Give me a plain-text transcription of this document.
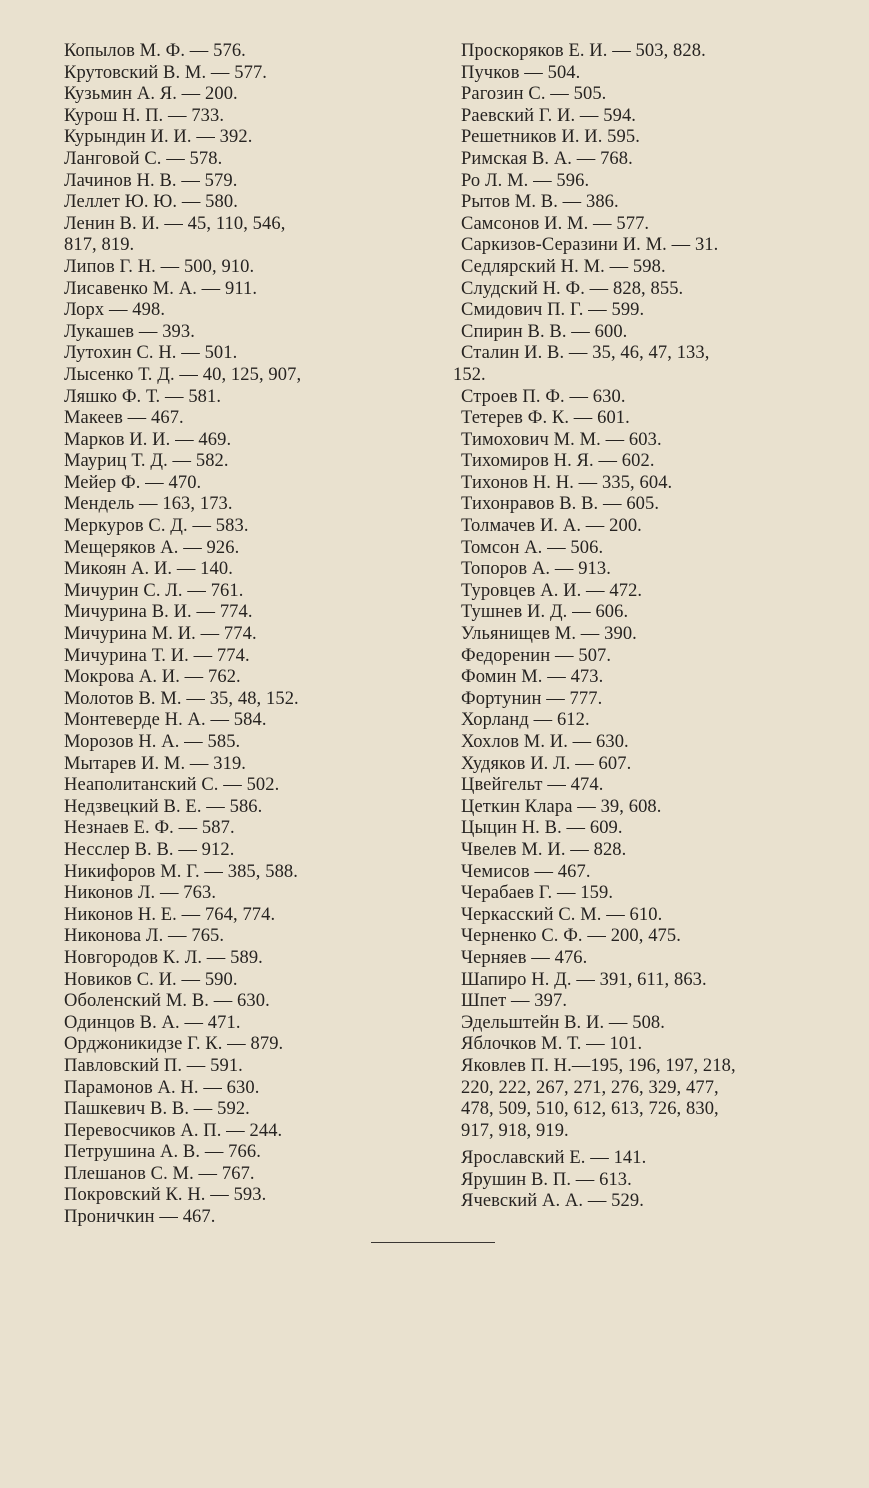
Копылов М. Ф. — 576.
Крутовский В. М. — 577.
Кузьмин А. Я. — 200.
Курош Н. П. — 733.
Курындин И. И. — 392.
Ланговой С. — 578.
Лачинов Н. В. — 579.
Леллет Ю. Ю. — 580.
Ленин В. И. — 45, 110, 546,
817, 819.
Липов Г. Н. — 500, 910.
Лисавенко М. А. — 911.
Лорх — 498.
Лукашев — 393.
Лутохин С. Н. — 501.
Лысенко Т. Д. — 40, 125, 907,
Ляшко Ф. Т. — 581.
Макеев — 467.
Марков И. И. — 469.
Мауриц Т. Д. — 582.
Мейер Ф. — 470.
Мендель — 163, 173.
Меркуров С. Д. — 583.
Мещеряков А. — 926.
Микоян А. И. — 140.
Мичурин С. Л. — 761.
Мичурина В. И. — 774.
Мичурина М. И. — 774.
Мичурина Т. И. — 774.
Мокрова А. И. — 762.
Молотов В. М. — 35, 48, 152.
Монтеверде Н. А. — 584.
Морозов Н. А. — 585.
Мытарев И. М. — 319.
Неаполитанский С. — 502.
Недзвецкий В. Е. — 586.
Незнаев Е. Ф. — 587.
Несслер В. В. — 912.
Никифоров М. Г. — 385, 588.
Никонов Л. — 763.
Никонов Н. Е. — 764, 774.
Никонова Л. — 765.
Новгородов К. Л. — 589.
Новиков С. И. — 590.
Оболенский М. В. — 630.
Одинцов В. А. — 471.
Орджоникидзе Г. К. — 879.
Павловский П. — 591.
Парамонов А. Н. — 630.
Пашкевич В. В. — 592.
Перевосчиков А. П. — 244.
Петрушина А. В. — 766.
Плешанов С. М. — 767.
Покровский К. Н. — 593.
Проничкин — 467.
Проскоряков Е. И. — 503, 828.
Пучков — 504.
Рагозин С. — 505.
Раевский Г. И. — 594.
Решетников И. И. 595.
Римская В. А. — 768.
Ро Л. М. — 596.
Рытов М. В. — 386.
Самсонов И. М. — 577.
Саркизов-Серазини И. М. — 31.
Седлярский Н. М. — 598.
Слудский Н. Ф. — 828, 855.
Смидович П. Г. — 599.
Спирин В. В. — 600.
Сталин И. В. — 35, 46, 47, 133,
152.
Строев П. Ф. — 630.
Тетерев Ф. К. — 601.
Тимохович М. М. — 603.
Тихомиров Н. Я. — 602.
Тихонов Н. Н. — 335, 604.
Тихонравов В. В. — 605.
Толмачев И. А. — 200.
Томсон А. — 506.
Топоров А. — 913.
Туровцев А. И. — 472.
Тушнев И. Д. — 606.
Ульянищев М. — 390.
Федоренин — 507.
Фомин М. — 473.
Фортунин — 777.
Хорланд — 612.
Хохлов М. И. — 630.
Худяков И. Л. — 607.
Цвейгельт — 474.
Цеткин Клара — 39, 608.
Цыцин Н. В. — 609.
Чвелев М. И. — 828.
Чемисов — 467.
Черабаев Г. — 159.
Черкасский С. М. — 610.
Черненко С. Ф. — 200, 475.
Черняев — 476.
Шапиро Н. Д. — 391, 611, 863.
Шпет — 397.
Эдельштейн В. И. — 508.
Яблочков М. Т. — 101.
Яковлев П. Н.—195, 196, 197, 218,
220, 222, 267, 271, 276, 329, 477,
478, 509, 510, 612, 613, 726, 830,
917, 918, 919.
Ярославский Е. — 141.
Ярушин В. П. — 613.
Ячевский А. А. — 529.
